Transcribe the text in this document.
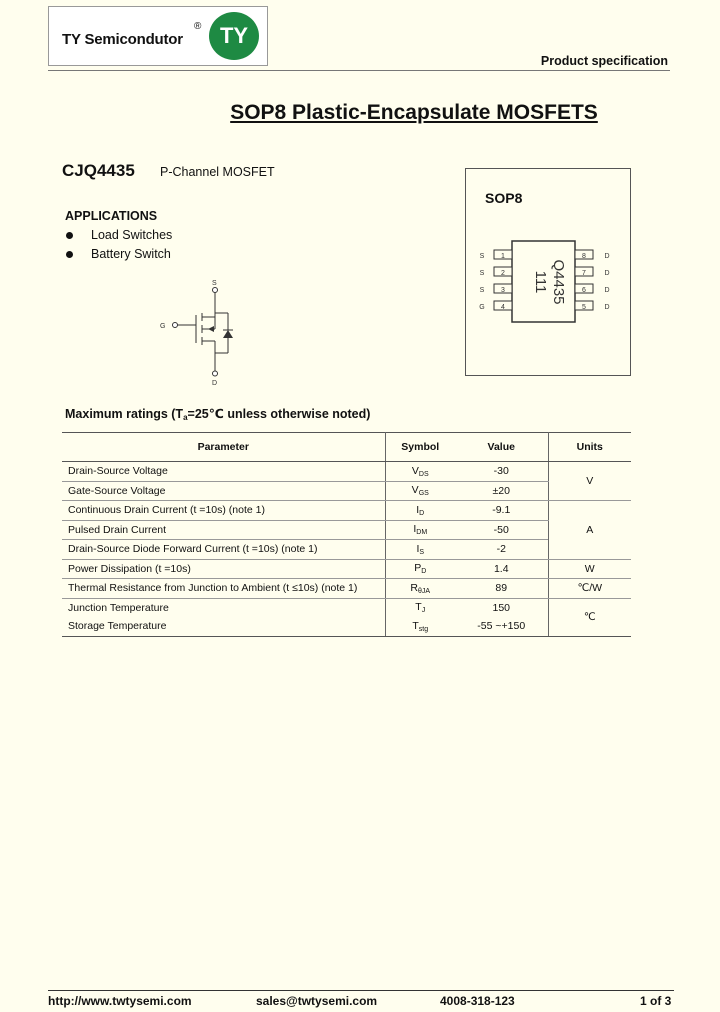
TY Semicondutor
® TY
Product specification
SOP8 Plastic-Encapsulate MOSFETS
CJQ4435 P-Channel MOSFET
APPLICATIONS
Load Switches
Battery Switch
S
G
D
SOP8
S
S
S
G
1
2
3
4
8
7
6
5
D
D
D
D
Q4435
111
Maximum ratings ($T_a=25℃$ unless otherwise noted)
Parameter	Symbol	Value	Units
Drain-Source Voltage	$V_{DS}$	-30	V
Gate-Source Voltage	$V_{GS}$	±20	
Continuous Drain Current (t =10s) (note 1)	$I_D$	-9.1	A
Pulsed Drain Current	$I_{DM}$	-50	
Drain-Source Diode Forward Current (t =10s) (note 1)	$I_S$	-2	
Power Dissipation (t =10s)	$P_D$	1.4	W
Thermal Resistance from Junction to Ambient (t ≤10s) (note 1)	$R_{\theta JA}$	89	℃/W
Junction Temperature	$T_J$	150	℃
Storage Temperature	$T_{stg}$	-55 ~+150	
http://www.twtysemi.com	sales@twtysemi.com	4008-318-123	1 of 3
